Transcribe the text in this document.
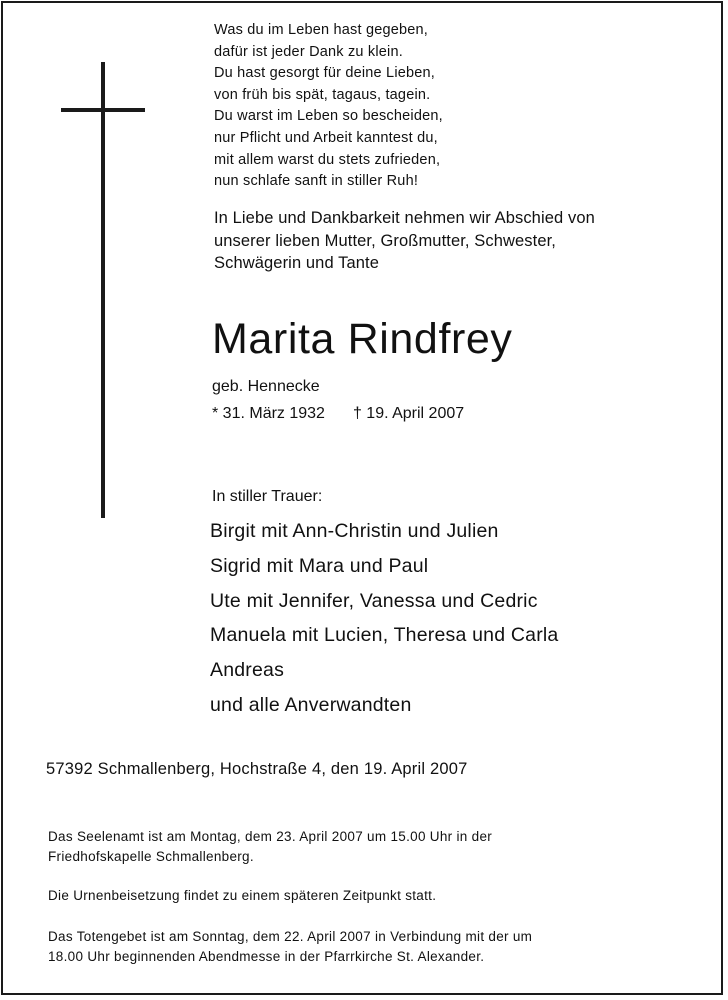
Was du im Leben hast gegeben,
dafür ist jeder Dank zu klein.
Du hast gesorgt für deine Lieben,
von früh bis spät, tagaus, tagein.
Du warst im Leben so bescheiden,
nur Pflicht und Arbeit kanntest du,
mit allem warst du stets zufrieden,
nun schlafe sanft in stiller Ruh!
In Liebe und Dankbarkeit nehmen wir Abschied von
unserer lieben Mutter, Großmutter, Schwester,
Schwägerin und Tante
Marita Rindfrey
geb. Hennecke
* 31. März 1932 † 19. April 2007
In stiller Trauer:
Birgit mit Ann-Christin und Julien
Sigrid mit Mara und Paul
Ute mit Jennifer, Vanessa und Cedric
Manuela mit Lucien, Theresa und Carla
Andreas
und alle Anverwandten
57392 Schmallenberg, Hochstraße 4, den 19. April 2007
Das Seelenamt ist am Montag, dem 23. April 2007 um 15.00 Uhr in der
Friedhofskapelle Schmallenberg.
Die Urnenbeisetzung findet zu einem späteren Zeitpunkt statt.
Das Totengebet ist am Sonntag, dem 22. April 2007 in Verbindung mit der um
18.00 Uhr beginnenden Abendmesse in der Pfarrkirche St. Alexander.
